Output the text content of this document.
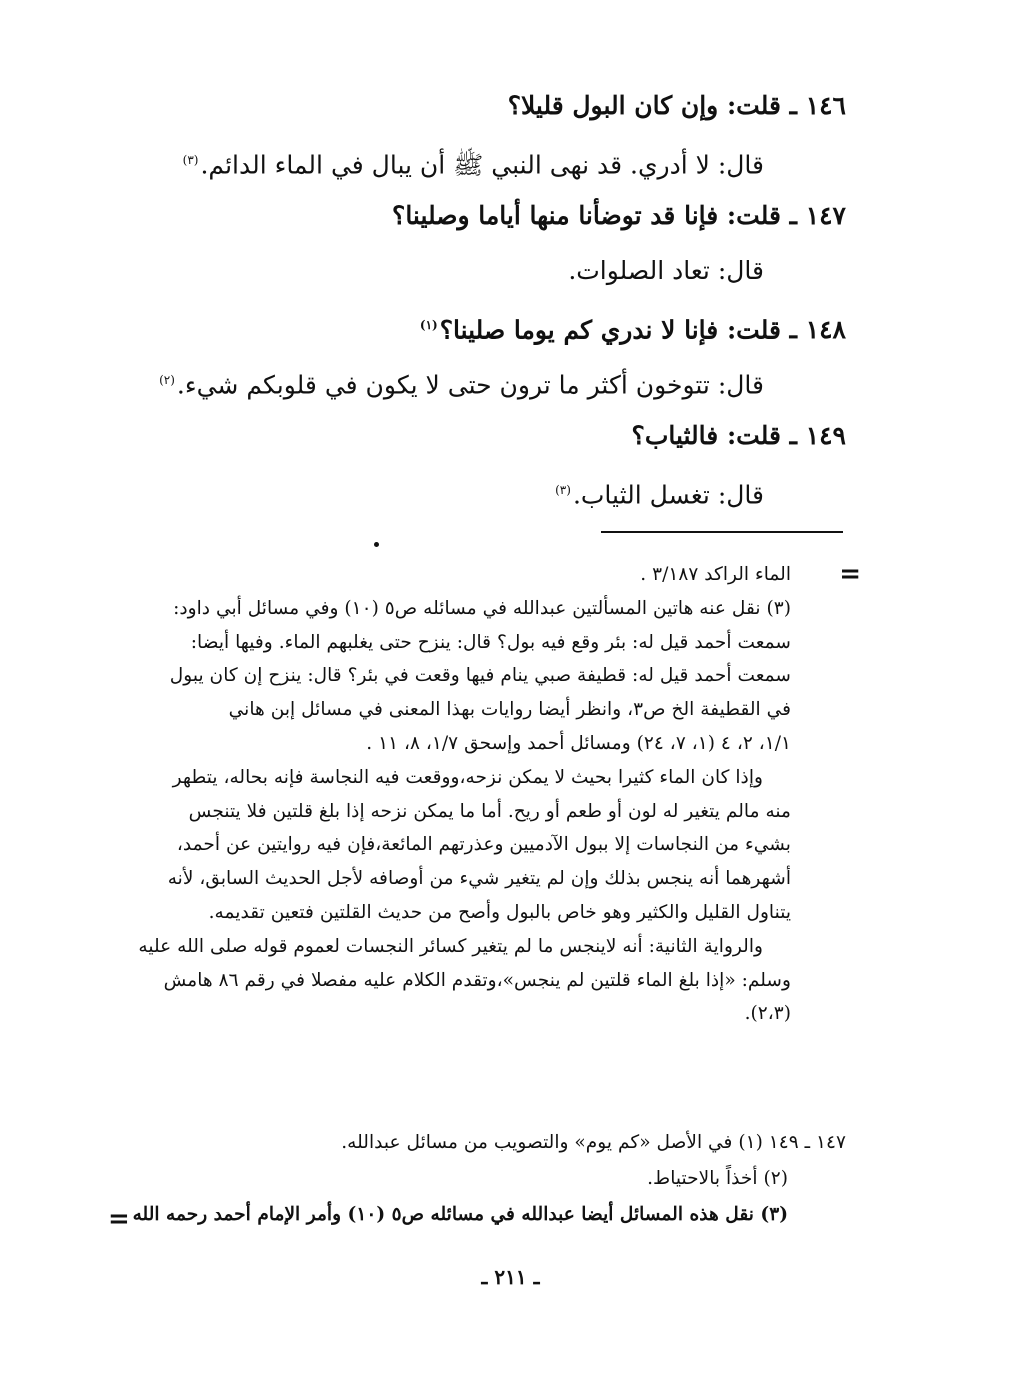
١٤٦ ـ قلت: وإن كان البول قليلا؟
قال: لا أدري. قد نهى النبي ﷺ أن يبال في الماء الدائم.$^{(٣)}$
١٤٧ ـ قلت: فإنا قد توضأنا منها أياما وصلينا؟
قال: تعاد الصلوات.
١٤٨ ـ قلت: فإنا لا ندري كم يوما صلينا؟$^{(١)}$
قال: تتوخون أكثر ما ترون حتى لا يكون في قلوبكم شيء.$^{(٢)}$
١٤٩ ـ قلت: فالثياب؟
قال: تغسل الثياب.$^{(٣)}$
=
الماء الراكد ٣/١٨٧ .
(٣) نقل عنه هاتين المسألتين عبدالله في مسائله ص٥ (١٠) وفي مسائل أبي داود:
سمعت أحمد قيل له: بئر وقع فيه بول؟ قال: ينزح حتى يغلبهم الماء. وفيها أيضا:
سمعت أحمد قيل له: قطيفة صبي ينام فيها وقعت في بئر؟ قال: ينزح إن كان يبول
في القطيفة الخ ص٣، وانظر أيضا روايات بهذا المعنى في مسائل إبن هاني
١/١، ٢، ٤ (١، ٧، ٢٤) ومسائل أحمد وإسحق ١/٧، ٨، ١١ .
وإذا كان الماء كثيرا بحيث لا يمكن نزحه،ووقعت فيه النجاسة فإنه بحاله، يتطهر
منه مالم يتغير له لون أو طعم أو ريح. أما ما يمكن نزحه إذا بلغ قلتين فلا يتنجس
بشيء من النجاسات إلا ببول الآدميين وعذرتهم المائعة،فإن فيه روايتين عن أحمد،
أشهرهما أنه ينجس بذلك وإن لم يتغير شيء من أوصافه لأجل الحديث السابق، لأنه
يتناول القليل والكثير وهو خاص بالبول وأصح من حديث القلتين فتعين تقديمه.
والرواية الثانية: أنه لاينجس ما لم يتغير كسائر النجسات لعموم قوله صلى الله عليه
وسلم: «إذا بلغ الماء قلتين لم ينجس»،وتقدم الكلام عليه مفصلا في رقم ٨٦ هامش
(٢،٣).
١٤٧ ـ ١٤٩ (١) في الأصل «كم يوم» والتصويب من مسائل عبدالله.
(٢) أخذاً بالاحتياط.
(٣) نقل هذه المسائل أيضا عبدالله في مسائله ص٥ (١٠) وأمر الإمام أحمد رحمه الله
=
ـ ٢١١ ـ
